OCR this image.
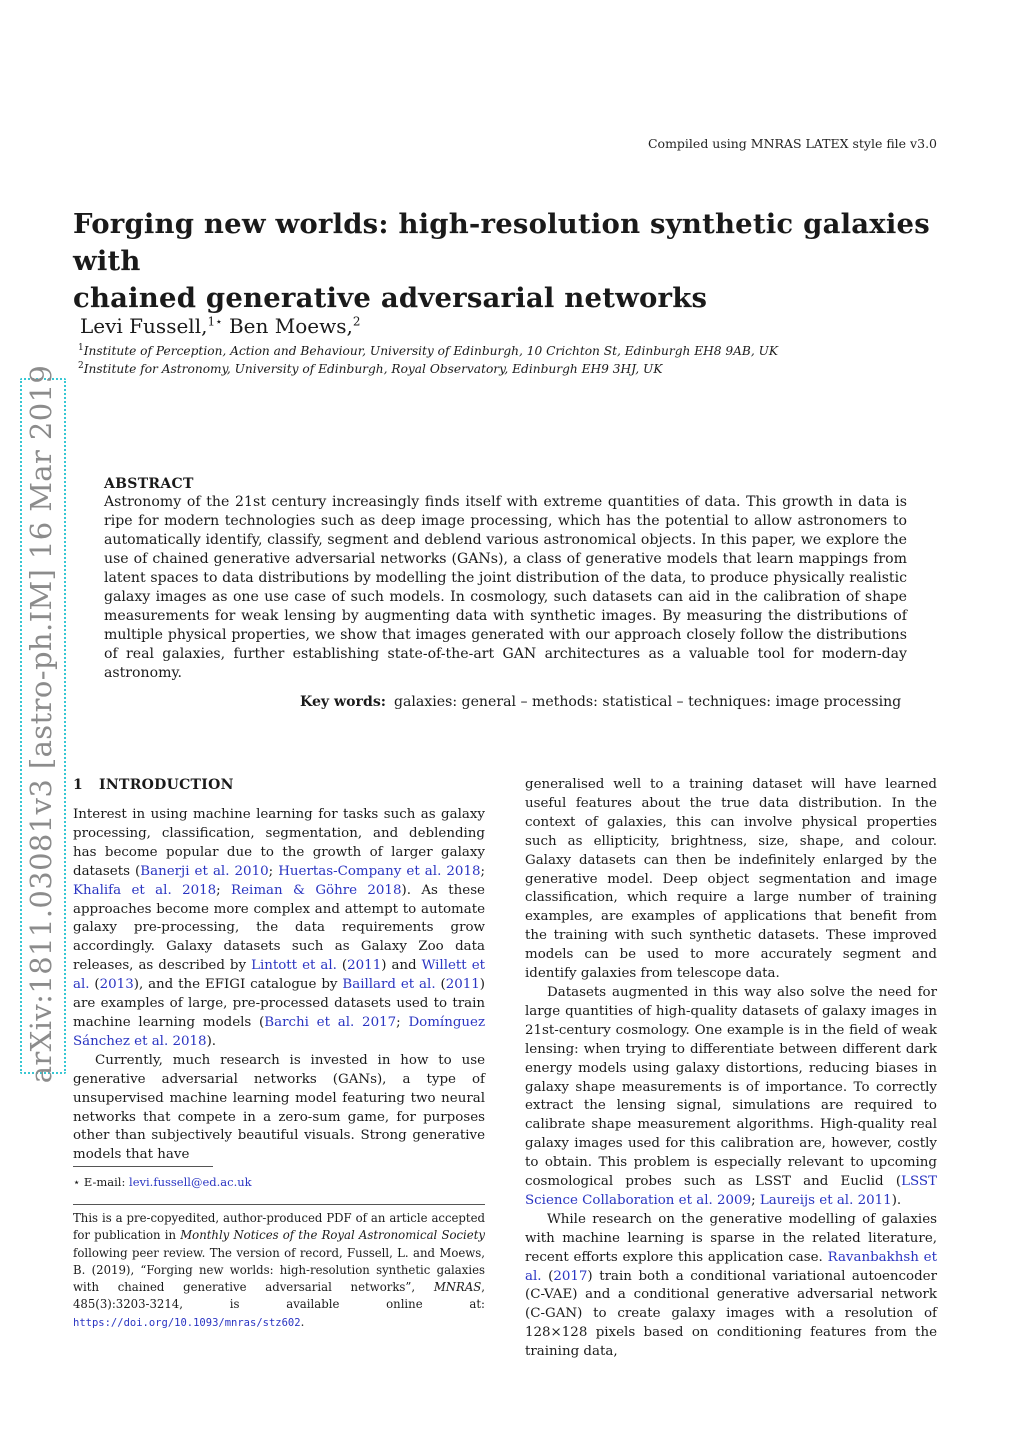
Compiled using MNRAS LATEX style file v3.0
Forging new worlds: high-resolution synthetic galaxies with
chained generative adversarial networks
Levi Fussell,$^{1⋆}$ Ben Moews,$^2$
$^1$Institute of Perception, Action and Behaviour, University of Edinburgh, 10 Crichton St, Edinburgh EH8 9AB, UK
$^2$Institute for Astronomy, University of Edinburgh, Royal Observatory, Edinburgh EH9 3HJ, UK
arXiv:1811.03081v3 [astro-ph.IM] 16 Mar 2019	ABSTRACT
Astronomy of the 21st century increasingly finds itself with extreme quantities of data. This growth in data is ripe for modern technologies such as deep image processing, which has the potential to allow astronomers to automatically identify, classify, segment and deblend various astronomical objects. In this paper, we explore the use of chained generative adversarial networks (GANs), a class of generative models that learn mappings from latent spaces to data distributions by modelling the joint distribution of the data, to produce physically realistic galaxy images as one use case of such models. In cosmology, such datasets can aid in the calibration of shape measurements for weak lensing by augmenting data with synthetic images. By measuring the distributions of multiple physical properties, we show that images generated with our approach closely follow the distributions of real galaxies, further establishing state-of-the-art GAN architectures as a valuable tool for modern-day astronomy.
Key words: galaxies: general – methods: statistical – techniques: image processing
1 INTRODUCTION

Interest in using machine learning for tasks such as galaxy processing, classification, segmentation, and deblending has become popular due to the growth of larger galaxy datasets (Banerji et al. 2010; Huertas-Company et al. 2018; Khalifa et al. 2018; Reiman & Göhre 2018). As these approaches become more complex and attempt to automate galaxy pre-processing, the data requirements grow accordingly. Galaxy datasets such as Galaxy Zoo data releases, as described by Lintott et al. (2011) and Willett et al. (2013), and the EFIGI catalogue by Baillard et al. (2011) are examples of large, pre-processed datasets used to train machine learning models (Barchi et al. 2017; Domínguez Sánchez et al. 2018).

Currently, much research is invested in how to use generative adversarial networks (GANs), a type of unsupervised machine learning model featuring two neural networks that compete in a zero-sum game, for purposes other than subjectively beautiful visuals. Strong generative models that have

⋆ E-mail: levi.fussell@ed.ac.uk
This is a pre-copyedited, author-produced PDF of an article accepted for publication in Monthly Notices of the Royal Astronomical Society following peer review. The version of record, Fussell, L. and Moews, B. (2019), “Forging new worlds: high-resolution synthetic galaxies with chained generative adversarial networks”, MNRAS, 485(3):3203-3214, is available online at: https://doi.org/10.1093/mnras/stz602.

generalised well to a training dataset will have learned useful features about the true data distribution. In the context of galaxies, this can involve physical properties such as ellipticity, brightness, size, shape, and colour. Galaxy datasets can then be indefinitely enlarged by the generative model. Deep object segmentation and image classification, which require a large number of training examples, are examples of applications that benefit from the training with such synthetic datasets. These improved models can be used to more accurately segment and identify galaxies from telescope data.

Datasets augmented in this way also solve the need for large quantities of high-quality datasets of galaxy images in 21st-century cosmology. One example is in the field of weak lensing: when trying to differentiate between different dark energy models using galaxy distortions, reducing biases in galaxy shape measurements is of importance. To correctly extract the lensing signal, simulations are required to calibrate shape measurement algorithms. High-quality real galaxy images used for this calibration are, however, costly to obtain. This problem is especially relevant to upcoming cosmological probes such as LSST and Euclid (LSST Science Collaboration et al. 2009; Laureijs et al. 2011).

While research on the generative modelling of galaxies with machine learning is sparse in the related literature, recent efforts explore this application case. Ravanbakhsh et al. (2017) train both a conditional variational autoencoder (C-VAE) and a conditional generative adversarial network (C-GAN) to create galaxy images with a resolution of 128×128 pixels based on conditioning features from the training data,
